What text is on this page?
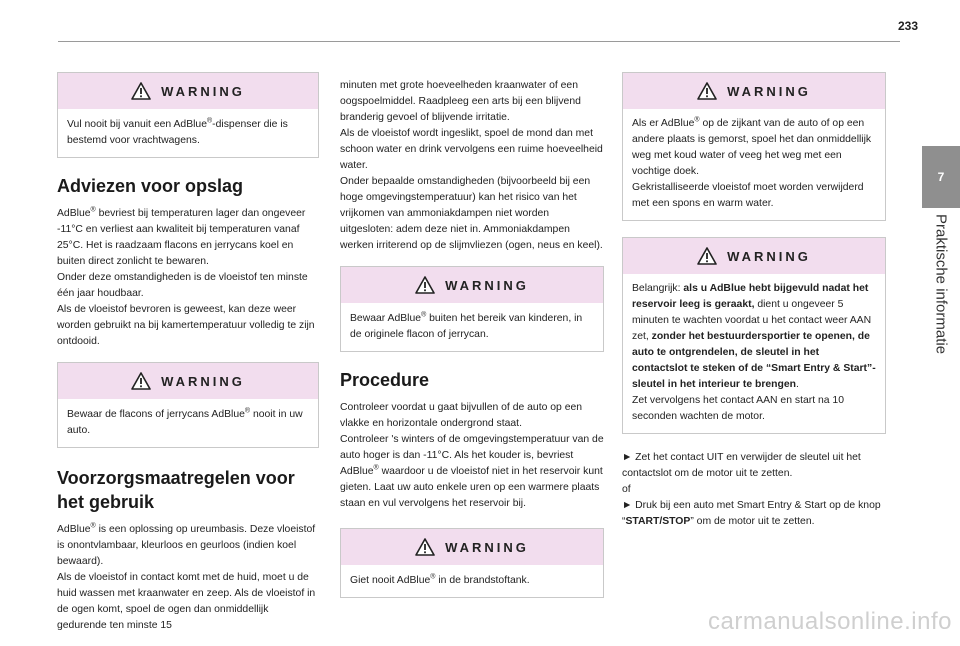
233
7
Praktische informatie
WARNING
Vul nooit bij vanuit een AdBlue®-dispenser die is bestemd voor vrachtwagens.
Adviezen voor opslag

AdBlue® bevriest bij temperaturen lager dan ongeveer -11°C en verliest aan kwaliteit bij temperaturen vanaf 25°C. Het is raadzaam flacons en jerrycans koel en buiten direct zonlicht te bewaren.
Onder deze omstandigheden is de vloeistof ten minste één jaar houdbaar.
Als de vloeistof bevroren is geweest, kan deze weer worden gebruikt na bij kamertemperatuur volledig te zijn ontdooid.

WARNING
Bewaar de flacons of jerrycans AdBlue® nooit in uw auto.
Voorzorgsmaatregelen voor het gebruik

AdBlue® is een oplossing op ureumbasis. Deze vloeistof is onontvlambaar, kleurloos en geurloos (indien koel bewaard).
Als de vloeistof in contact komt met de huid, moet u de huid wassen met kraanwater en zeep. Als de vloeistof in de ogen komt, spoel de ogen dan onmiddellijk gedurende ten minste 15

minuten met grote hoeveelheden kraanwater of een oogspoelmiddel. Raadpleeg een arts bij een blijvend branderig gevoel of blijvende irritatie.
Als de vloeistof wordt ingeslikt, spoel de mond dan met schoon water en drink vervolgens een ruime hoeveelheid water.
Onder bepaalde omstandigheden (bijvoorbeeld bij een hoge omgevingstemperatuur) kan het risico van het vrijkomen van ammoniakdampen niet worden uitgesloten: adem deze niet in. Ammoniakdampen werken irriterend op de slijmvliezen (ogen, neus en keel).

WARNING
Bewaar AdBlue® buiten het bereik van kinderen, in de originele flacon of jerrycan.
Procedure

Controleer voordat u gaat bijvullen of de auto op een vlakke en horizontale ondergrond staat.
Controleer 's winters of de omgevingstemperatuur van de auto hoger is dan -11°C. Als het kouder is, bevriest AdBlue® waardoor u de vloeistof niet in het reservoir kunt gieten. Laat uw auto enkele uren op een warmere plaats staan en vul vervolgens het reservoir bij.

WARNING
Giet nooit AdBlue® in de brandstoftank.
WARNING
Als er AdBlue® op de zijkant van de auto of op een andere plaats is gemorst, spoel het dan onmiddellijk weg met koud water of veeg het weg met een vochtige doek.
Gekristalliseerde vloeistof moet worden verwijderd met een spons en warm water.
WARNING
Belangrijk: als u AdBlue hebt bijgevuld nadat het reservoir leeg is geraakt, dient u ongeveer 5 minuten te wachten voordat u het contact weer AAN zet, zonder het bestuurdersportier te openen, de auto te ontgrendelen, de sleutel in het contactslot te steken of de “Smart Entry & Start”-sleutel in het interieur te brengen.
Zet vervolgens het contact AAN en start na 10 seconden wachten de motor.

► Zet het contact UIT en verwijder de sleutel uit het contactslot om de motor uit te zetten.
of
► Druk bij een auto met Smart Entry & Start op de knop “START/STOP” om de motor uit te zetten.

carmanualsonline.info
